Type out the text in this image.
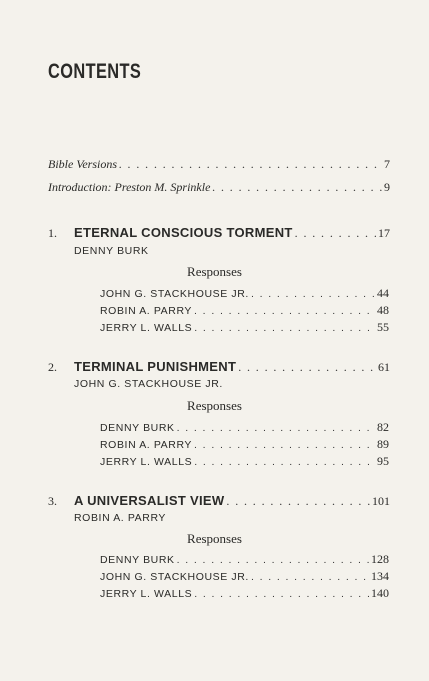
CONTENTS
Bible Versions . . .	7
Introduction: Preston M. Sprinkle . . .	9
1.	ETERNAL CONSCIOUS TORMENT . . .	17
DENNY BURK
Responses
JOHN G. STACKHOUSE JR. . . .	44
ROBIN A. PARRY . . .	48
JERRY L. WALLS . . .	55
2.	TERMINAL PUNISHMENT . . .	61
JOHN G. STACKHOUSE JR.
Responses
DENNY BURK . . .	82
ROBIN A. PARRY . . .	89
JERRY L. WALLS . . .	95
3.	A UNIVERSALIST VIEW . . .	101
ROBIN A. PARRY
Responses
DENNY BURK . . .	128
JOHN G. STACKHOUSE JR. . . .	134
JERRY L. WALLS . . .	140
